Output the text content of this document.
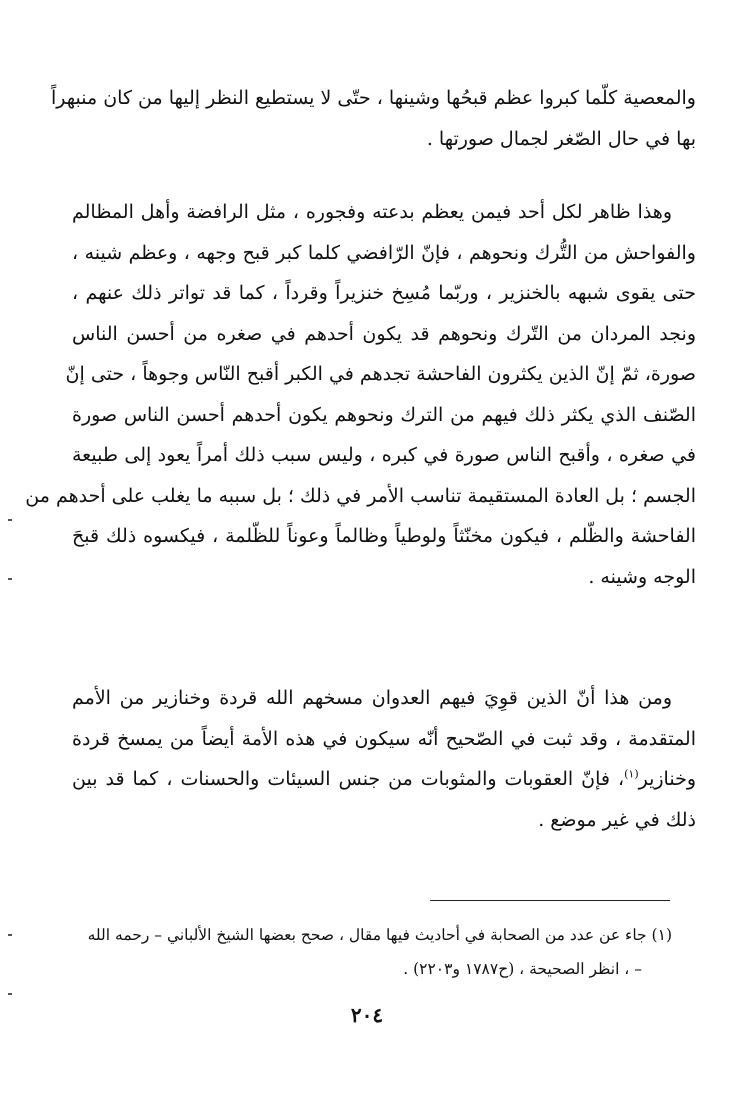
والمعصية كلّما كبروا عظم قبحُها وشينها ، حتّى لا يستطيع النظر إليها من كان منبهراً
بها في حال الصّغر لجمال صورتها .
وهذا ظاهر لكل أحد فيمن يعظم بدعته وفجوره ، مثل الرافضة وأهل المظالم
والفواحش من التُّرك ونحوهم ، فإنّ الرّافضي كلما كبر قبح وجهه ، وعظم شينه ،
حتى يقوى شبهه بالخنزير ، وربّما مُسِخ خنزيراً وقرداً ، كما قد تواتر ذلك عنهم ،
ونجد المردان من التّرك ونحوهم قد يكون أحدهم في صغره من أحسن الناس
صورة، ثمّ إنّ الذين يكثرون الفاحشة تجدهم في الكبر أقبح النّاس وجوهاً ، حتى إنّ
الصّنف الذي يكثر ذلك فيهم من الترك ونحوهم يكون أحدهم أحسن الناس صورة
في صغره ، وأقبح الناس صورة في كبره ، وليس سبب ذلك أمراً يعود إلى طبيعة
الجسم ؛ بل العادة المستقيمة تناسب الأمر في ذلك ؛ بل سببه ما يغلب على أحدهم من
الفاحشة والظّلم ، فيكون مخنّثاً ولوطياً وظالماً وعوناً للظّلمة ، فيكسوه ذلك قبحَ
الوجه وشينه .
ومن هذا أنّ الذين قوِيَ فيهم العدوان مسخهم الله قردة وخنازير من الأمم
المتقدمة ، وقد ثبت في الصّحيح أنّه سيكون في هذه الأمة أيضاً من يمسخ قردة
وخنازير$^{(١)}$، فإنّ العقوبات والمثوبات من جنس السيئات والحسنات ، كما قد بين
ذلك في غير موضع .
(١) جاء عن عدد من الصحابة في أحاديث فيها مقال ، صحح بعضها الشيخ الألباني – رحمه الله
– ، انظر الصحيحة ، (ح١٧٨٧ و٢٢٠٣) .
٢٠٤
